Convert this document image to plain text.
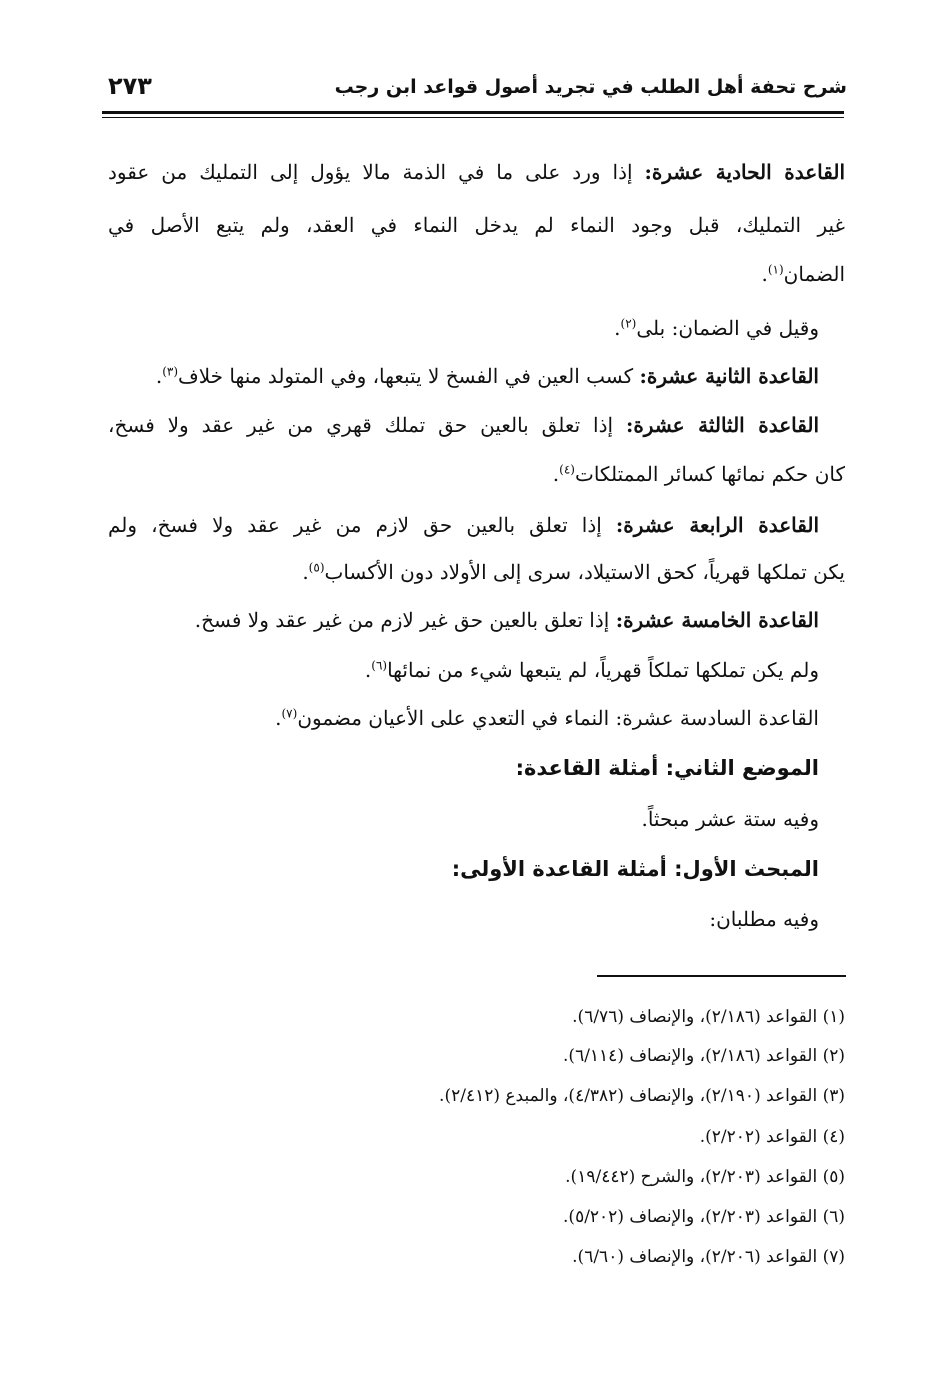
شرح تحفة أهل الطلب في تجريد أصول قواعد ابن رجب
٢٧٣
القاعدة الحادية عشرة: إذا ورد على ما في الذمة مالا يؤول إلى التمليك من عقود
غير التمليك، قبل وجود النماء لم يدخل النماء في العقد، ولم يتبع الأصل في
الضمان$^{(١)}$.
وقيل في الضمان: بلى$^{(٢)}$.
القاعدة الثانية عشرة: كسب العين في الفسخ لا يتبعها، وفي المتولد منها خلاف$^{(٣)}$.
القاعدة الثالثة عشرة: إذا تعلق بالعين حق تملك قهري من غير عقد ولا فسخ،
كان حكم نمائها كسائر الممتلكات$^{(٤)}$.
القاعدة الرابعة عشرة: إذا تعلق بالعين حق لازم من غير عقد ولا فسخ، ولم
يكن تملكها قهرياً، كحق الاستيلاد، سرى إلى الأولاد دون الأكساب$^{(٥)}$.
القاعدة الخامسة عشرة: إذا تعلق بالعين حق غير لازم من غير عقد ولا فسخ.
ولم يكن تملكها تملكاً قهرياً، لم يتبعها شيء من نمائها$^{(٦)}$.
القاعدة السادسة عشرة: النماء في التعدي على الأعيان مضمون$^{(٧)}$.
الموضع الثاني: أمثلة القاعدة:
وفيه ستة عشر مبحثاً.
المبحث الأول: أمثلة القاعدة الأولى:
وفيه مطلبان:
(١) القواعد (٢/١٨٦)، والإنصاف (٦/٧٦).
(٢) القواعد (٢/١٨٦)، والإنصاف (٦/١١٤).
(٣) القواعد (٢/١٩٠)، والإنصاف (٤/٣٨٢)، والمبدع (٢/٤١٢).
(٤) القواعد (٢/٢٠٢).
(٥) القواعد (٢/٢٠٣)، والشرح (١٩/٤٤٢).
(٦) القواعد (٢/٢٠٣)، والإنصاف (٥/٢٠٢).
(٧) القواعد (٢/٢٠٦)، والإنصاف (٦/٦٠).
